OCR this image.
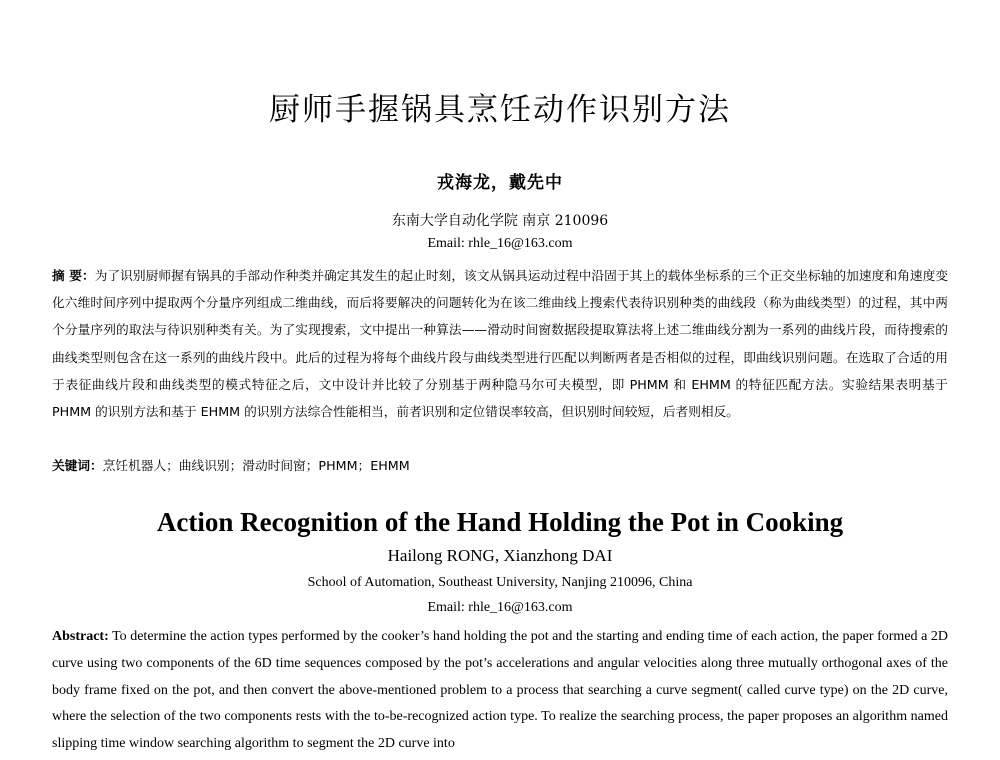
厨师手握锅具烹饪动作识别方法
戎海龙，戴先中
东南大学自动化学院 南京 210096
Email: rhle_16@163.com

摘 要：为了识别厨师握有锅具的手部动作种类并确定其发生的起止时刻，该文从锅具运动过程中沿固于其上的载体坐标系的三个正交坐标轴的加速度和角速度变化六维时间序列中提取两个分量序列组成二维曲线，而后将要解决的问题转化为在该二维曲线上搜索代表待识别种类的曲线段（称为曲线类型）的过程，其中两个分量序列的取法与待识别种类有关。为了实现搜索，文中提出一种算法——滑动时间窗数据段提取算法将上述二维曲线分割为一系列的曲线片段，而待搜索的曲线类型则包含在这一系列的曲线片段中。此后的过程为将每个曲线片段与曲线类型进行匹配以判断两者是否相似的过程，即曲线识别问题。在选取了合适的用于表征曲线片段和曲线类型的模式特征之后，文中设计并比较了分别基于两种隐马尔可夫模型，即 PHMM 和 EHMM 的特征匹配方法。实验结果表明基于 PHMM 的识别方法和基于 EHMM 的识别方法综合性能相当，前者识别和定位错误率较高，但识别时间较短，后者则相反。

关键词：烹饪机器人；曲线识别；滑动时间窗；PHMM；EHMM

Action Recognition of the Hand Holding the Pot in Cooking
Hailong RONG, Xianzhong DAI
School of Automation, Southeast University, Nanjing 210096, China
Email: rhle_16@163.com

Abstract: To determine the action types performed by the cooker’s hand holding the pot and the starting and ending time of each action, the paper formed a 2D curve using two components of the 6D time sequences composed by the pot’s accelerations and angular velocities along three mutually orthogonal axes of the body frame fixed on the pot, and then convert the above-mentioned problem to a process that searching a curve segment( called curve type) on the 2D curve, where the selection of the two components rests with the to-be-recognized action type. To realize the searching process, the paper proposes an algorithm named slipping time window searching algorithm to segment the 2D curve into
